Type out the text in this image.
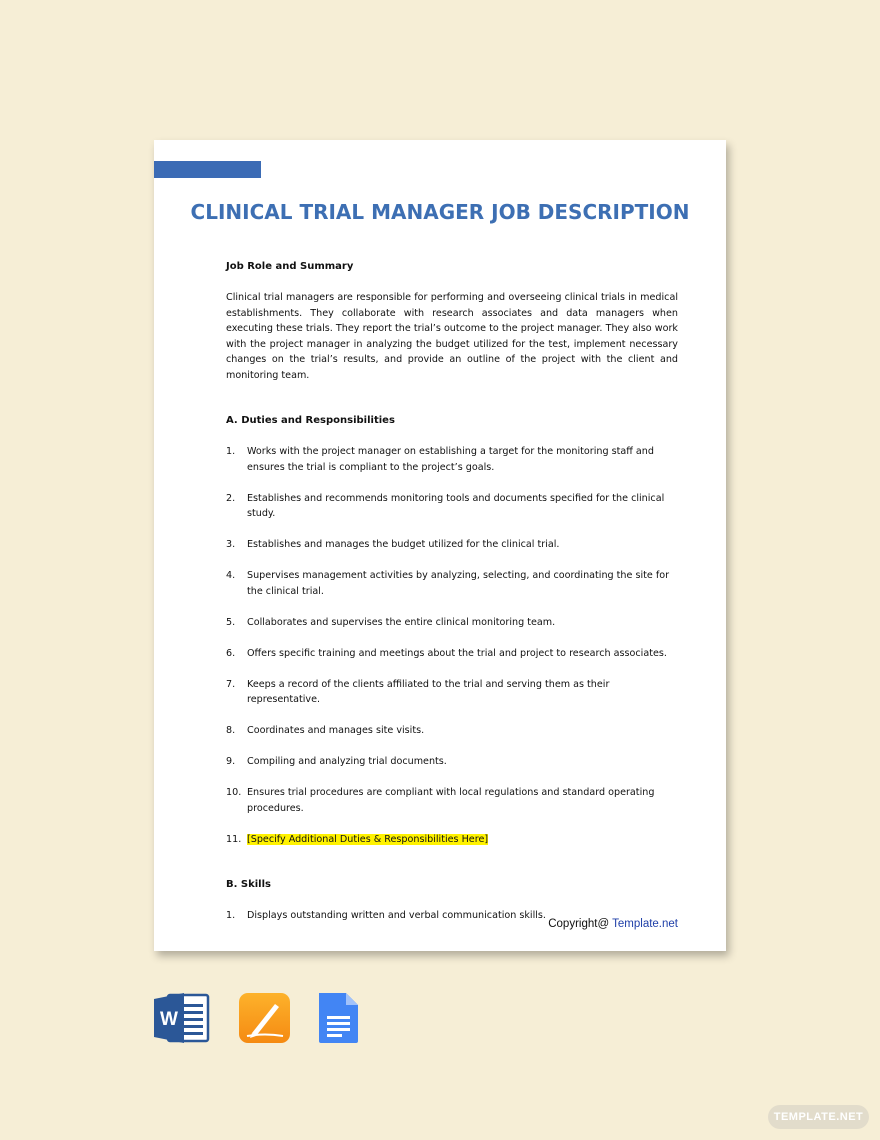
CLINICAL TRIAL MANAGER JOB DESCRIPTION
Job Role and Summary
Clinical trial managers are responsible for performing and overseeing clinical trials in medical establishments. They collaborate with research associates and data managers when executing these trials. They report the trial’s outcome to the project manager. They also work with the project manager in analyzing the budget utilized for the test, implement necessary changes on the trial’s results, and provide an outline of the project with the client and monitoring team.
A. Duties and Responsibilities
1. Works with the project manager on establishing a target for the monitoring staff and ensures the trial is compliant to the project’s goals.
2. Establishes and recommends monitoring tools and documents specified for the clinical study.
3. Establishes and manages the budget utilized for the clinical trial.
4. Supervises management activities by analyzing, selecting, and coordinating the site for the clinical trial.
5. Collaborates and supervises the entire clinical monitoring team.
6. Offers specific training and meetings about the trial and project to research associates.
7. Keeps a record of the clients affiliated to the trial and serving them as their representative.
8. Coordinates and manages site visits.
9. Compiling and analyzing trial documents.
10. Ensures trial procedures are compliant with local regulations and standard operating procedures.
11. [Specify Additional Duties & Responsibilities Here]
B. Skills
1. Displays outstanding written and verbal communication skills.
Copyright@ Template.net
W
TEMPLATE.NET
